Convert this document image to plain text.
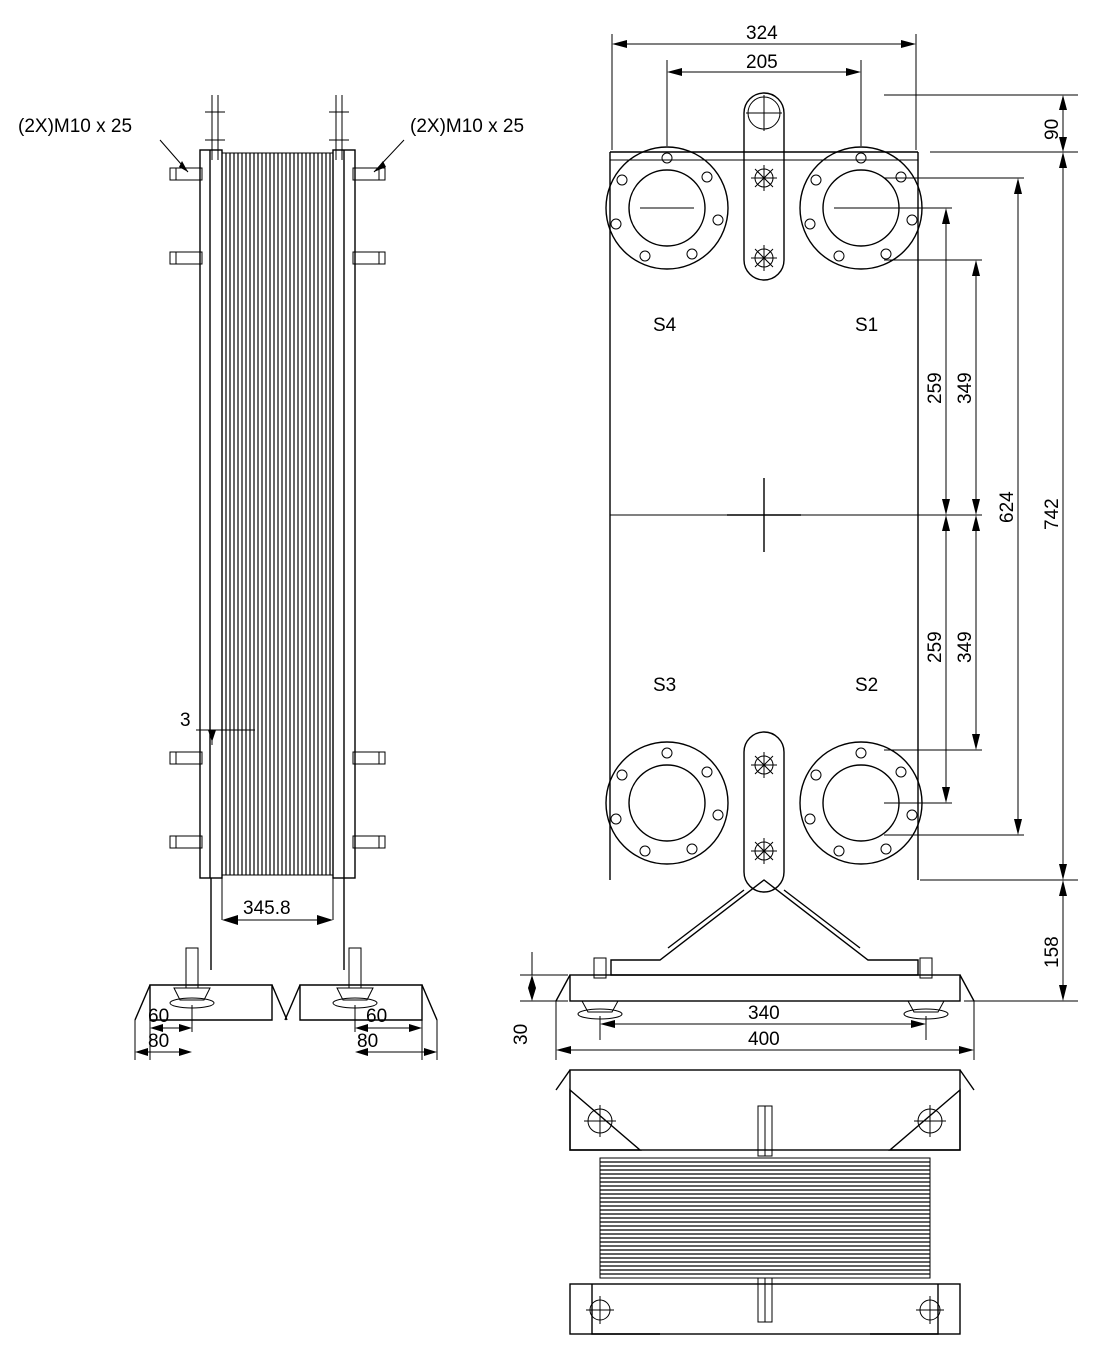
(2X)M10 x 25	(2X)M10 x 25
3
345.8
60
80
60
80
324
205
90
259 349
259 349
624 742
158
30
340
400
S4	S1
S3	S2
